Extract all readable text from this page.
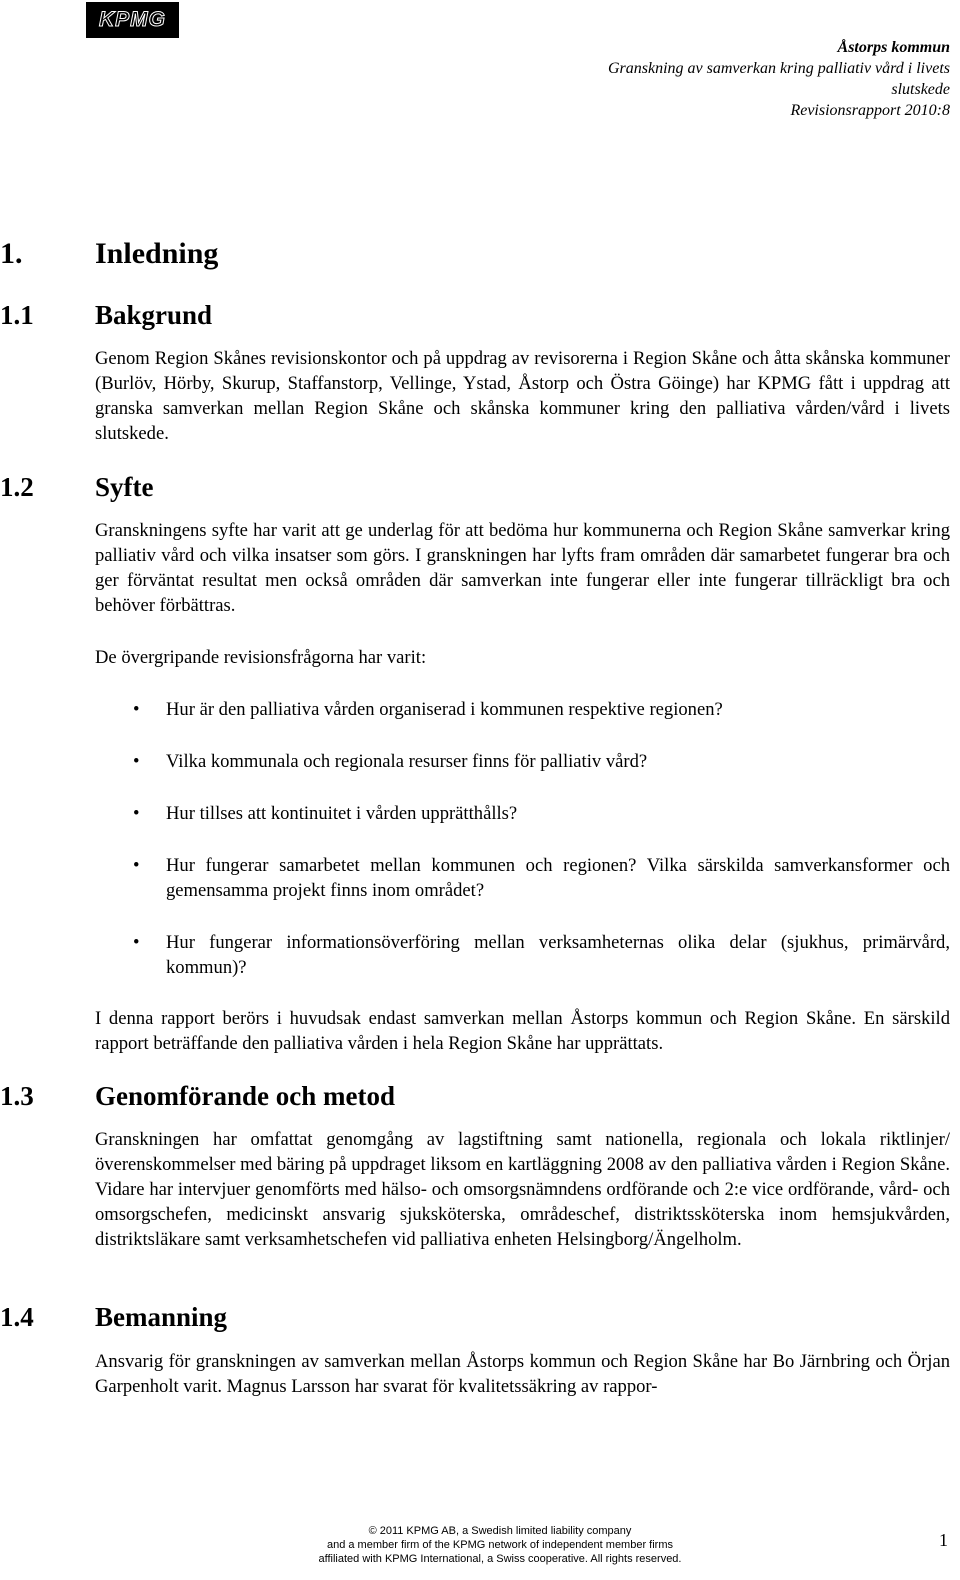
KPMG
Åstorps kommun
Granskning av samverkan kring palliativ vård i livets
slutskede
Revisionsrapport 2010:8
1. Inledning
1.1 Bakgrund
Genom Region Skånes revisionskontor och på uppdrag av revisorerna i Region Skåne och åtta skånska kommuner (Burlöv, Hörby, Skurup, Staffanstorp, Vellinge, Ystad, Åstorp och Östra Göinge) har KPMG fått i uppdrag att granska samverkan mellan Region Skåne och skånska kommuner kring den palliativa vården/vård i livets slutskede.
1.2 Syfte
Granskningens syfte har varit att ge underlag för att bedöma hur kommunerna och Region Skåne samverkar kring palliativ vård och vilka insatser som görs. I granskningen har lyfts fram områden där samarbetet fungerar bra och ger förväntat resultat men också områden där samverkan inte fungerar eller inte fungerar tillräckligt bra och behöver förbättras.
De övergripande revisionsfrågorna har varit:
• Hur är den palliativa vården organiserad i kommunen respektive regionen?
• Vilka kommunala och regionala resurser finns för palliativ vård?
• Hur tillses att kontinuitet i vården upprätthålls?
• Hur fungerar samarbetet mellan kommunen och regionen? Vilka särskilda samverkansformer och gemensamma projekt finns inom området?
• Hur fungerar informationsöverföring mellan verksamheternas olika delar (sjukhus, primärvård, kommun)?
I denna rapport berörs i huvudsak endast samverkan mellan Åstorps kommun och Region Skåne. En särskild rapport beträffande den palliativa vården i hela Region Skåne har upprättats.
1.3 Genomförande och metod
Granskningen har omfattat genomgång av lagstiftning samt nationella, regionala och lokala riktlinjer/överenskommelser med bäring på uppdraget liksom en kartläggning 2008 av den palliativa vården i Region Skåne. Vidare har intervjuer genomförts med hälso- och omsorgsnämndens ordförande och 2:e vice ordförande, vård- och omsorgschefen, medicinskt ansvarig sjuksköterska, områdeschef, distriktssköterska inom hemsjukvården, distriktsläkare samt verksamhetschefen vid palliativa enheten Helsingborg/Ängelholm.
1.4 Bemanning
Ansvarig för granskningen av samverkan mellan Åstorps kommun och Region Skåne har Bo Järnbring och Örjan Garpenholt varit. Magnus Larsson har svarat för kvalitetssäkring av rappor-
© 2011 KPMG AB, a Swedish limited liability company
and a member firm of the KPMG network of independent member firms
affiliated with KPMG International, a Swiss cooperative. All rights reserved.
1
